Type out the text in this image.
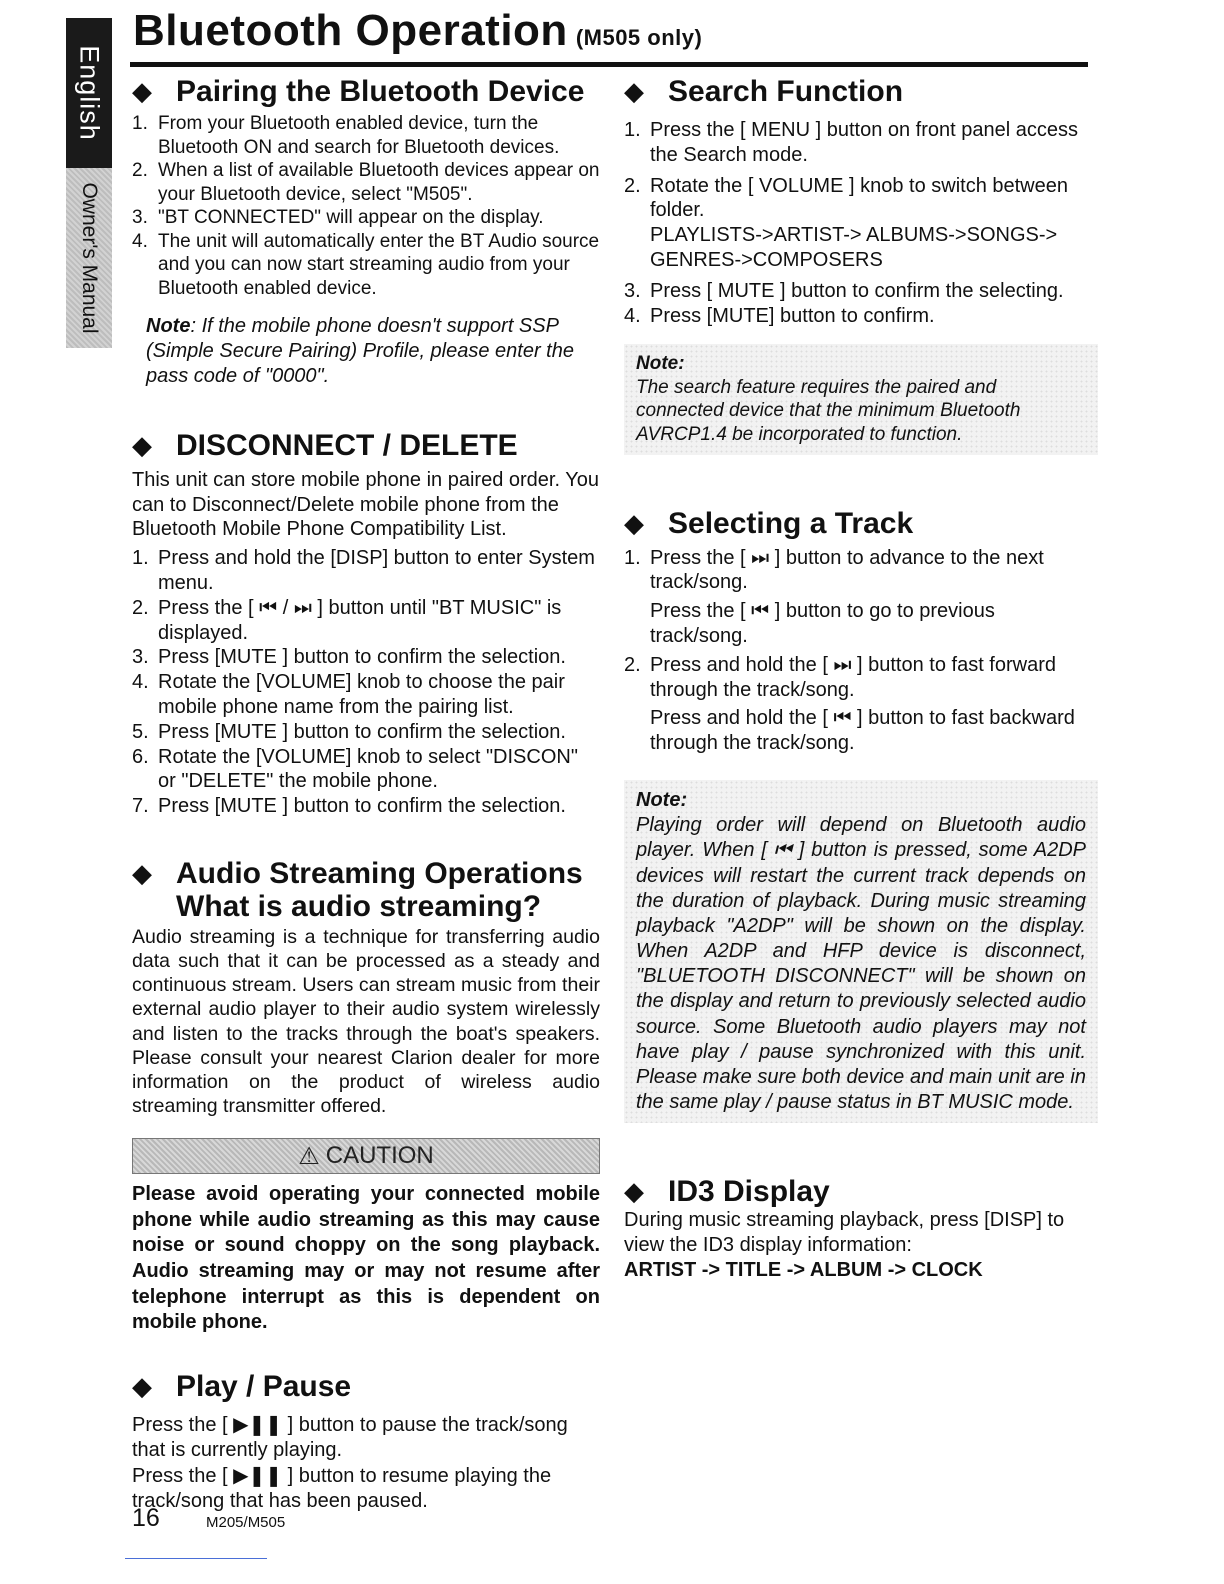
English
Owner's Manual
Bluetooth Operation (M505 only)
◆ Pairing the Bluetooth Device
1. From your Bluetooth enabled device, turn the Bluetooth ON and search for Bluetooth devices.
2. When a list of available Bluetooth devices appear on your Bluetooth device, select "M505".
3. "BT CONNECTED" will appear on the display.
4. The unit will automatically enter the BT Audio source and you can now start streaming audio from your Bluetooth enabled device.

Note: If the mobile phone doesn't support SSP (Simple Secure Pairing) Profile, please enter the pass code of "0000".

◆ DISCONNECT / DELETE

This unit can store mobile phone in paired order. You can to Disconnect/Delete mobile phone from the Bluetooth Mobile Phone Compatibility List.

1. Press and hold the [DISP] button to enter System menu.
2. Press the [ ⏮ / ⏭ ] button until "BT MUSIC" is displayed.
3. Press [MUTE ] button to confirm the selection.
4. Rotate the [VOLUME] knob to choose the pair mobile phone name from the pairing list.
5. Press [MUTE ] button to confirm the selection.
6. Rotate the [VOLUME] knob to select "DISCON" or "DELETE" the mobile phone.
7. Press [MUTE ] button to confirm the selection.
◆ Audio Streaming Operations
What is audio streaming?

Audio streaming is a technique for transferring audio data such that it can be processed as a steady and continuous stream. Users can stream music from their external audio player to their audio system wirelessly and listen to the tracks through the boat's speakers. Please consult your nearest Clarion dealer for more information on the product of wireless audio streaming transmitter offered.

⚠ CAUTION

Please avoid operating your connected mobile phone while audio streaming as this may cause noise or sound choppy on the song playback. Audio streaming may or may not resume after telephone interrupt as this is dependent on mobile phone.

◆ Play / Pause

Press the [ ▶❚❚ ] button to pause the track/song that is currently playing.

Press the [ ▶❚❚ ] button to resume playing the track/song that has been paused.

◆ Search Function
1. Press the [ MENU ] button on front panel access the Search mode.
2. Rotate the [ VOLUME ] knob to switch between folder.
PLAYLISTS->ARTIST-> ALBUMS->SONGS-> GENRES->COMPOSERS
3. Press [ MUTE ] button to confirm the selecting.
4. Press [MUTE] button to confirm.
Note:
The search feature requires the paired and connected device that the minimum Bluetooth AVRCP1.4 be incorporated to function.
◆ Selecting a Track
1. Press the [ ⏭ ] button to advance to the next track/song.
Press the [ ⏮ ] button to go to previous track/song.
2. Press and hold the [ ⏭ ] button to fast forward through the track/song.
Press and hold the [ ⏮ ] button to fast backward through the track/song.
Note:
Playing order will depend on Bluetooth audio player. When [ ⏮ ] button is pressed, some A2DP devices will restart the current track depends on the duration of playback. During music streaming playback "A2DP" will be shown on the display. When A2DP and HFP device is disconnect, "BLUETOOTH DISCONNECT" will be shown on the display and return to previously selected audio source. Some Bluetooth audio players may not have play / pause synchronized with this unit. Please make sure both device and main unit are in the same play / pause status in BT MUSIC mode.
◆ ID3 Display

During music streaming playback, press [DISP] to view the ID3 display information:

ARTIST -> TITLE -> ALBUM -> CLOCK

16	M205/M505
